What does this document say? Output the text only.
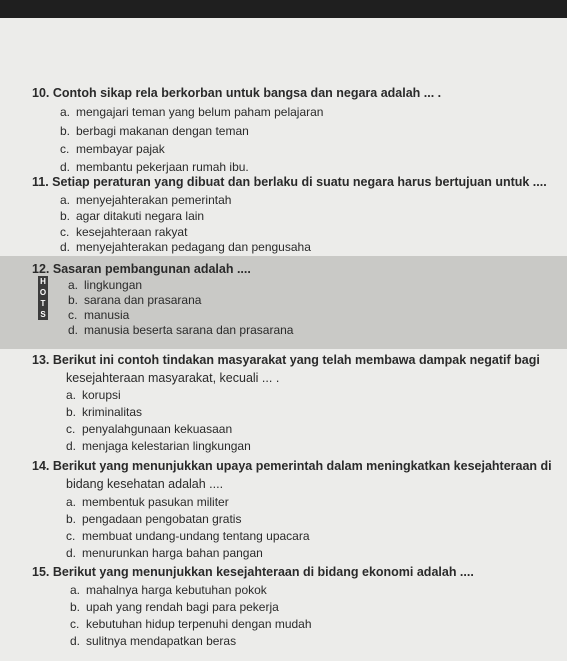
10. Contoh sikap rela berkorban untuk bangsa dan negara adalah ... .
a. mengajari teman yang belum paham pelajaran
b. berbagi makanan dengan teman
c. membayar pajak
d. membantu pekerjaan rumah ibu.
11. Setiap peraturan yang dibuat dan berlaku di suatu negara harus bertujuan untuk ....
a. menyejahterakan pemerintah
b. agar ditakuti negara lain
c. kesejahteraan rakyat
d. menyejahterakan pedagang dan pengusaha
12. Sasaran pembangunan adalah ....
H
O
T
S
a. lingkungan
b. sarana dan prasarana
c. manusia
d. manusia beserta sarana dan prasarana
13. Berikut ini contoh tindakan masyarakat yang telah membawa dampak negatif bagi
kesejahteraan masyarakat, kecuali ... .
a. korupsi
b. kriminalitas
c. penyalahgunaan kekuasaan
d. menjaga kelestarian lingkungan
14. Berikut yang menunjukkan upaya pemerintah dalam meningkatkan kesejahteraan di
bidang kesehatan adalah ....
a. membentuk pasukan militer
b. pengadaan pengobatan gratis
c. membuat undang-undang tentang upacara
d. menurunkan harga bahan pangan
15. Berikut yang menunjukkan kesejahteraan di bidang ekonomi adalah ....
a. mahalnya harga kebutuhan pokok
b. upah yang rendah bagi para pekerja
c. kebutuhan hidup terpenuhi dengan mudah
d. sulitnya mendapatkan beras
